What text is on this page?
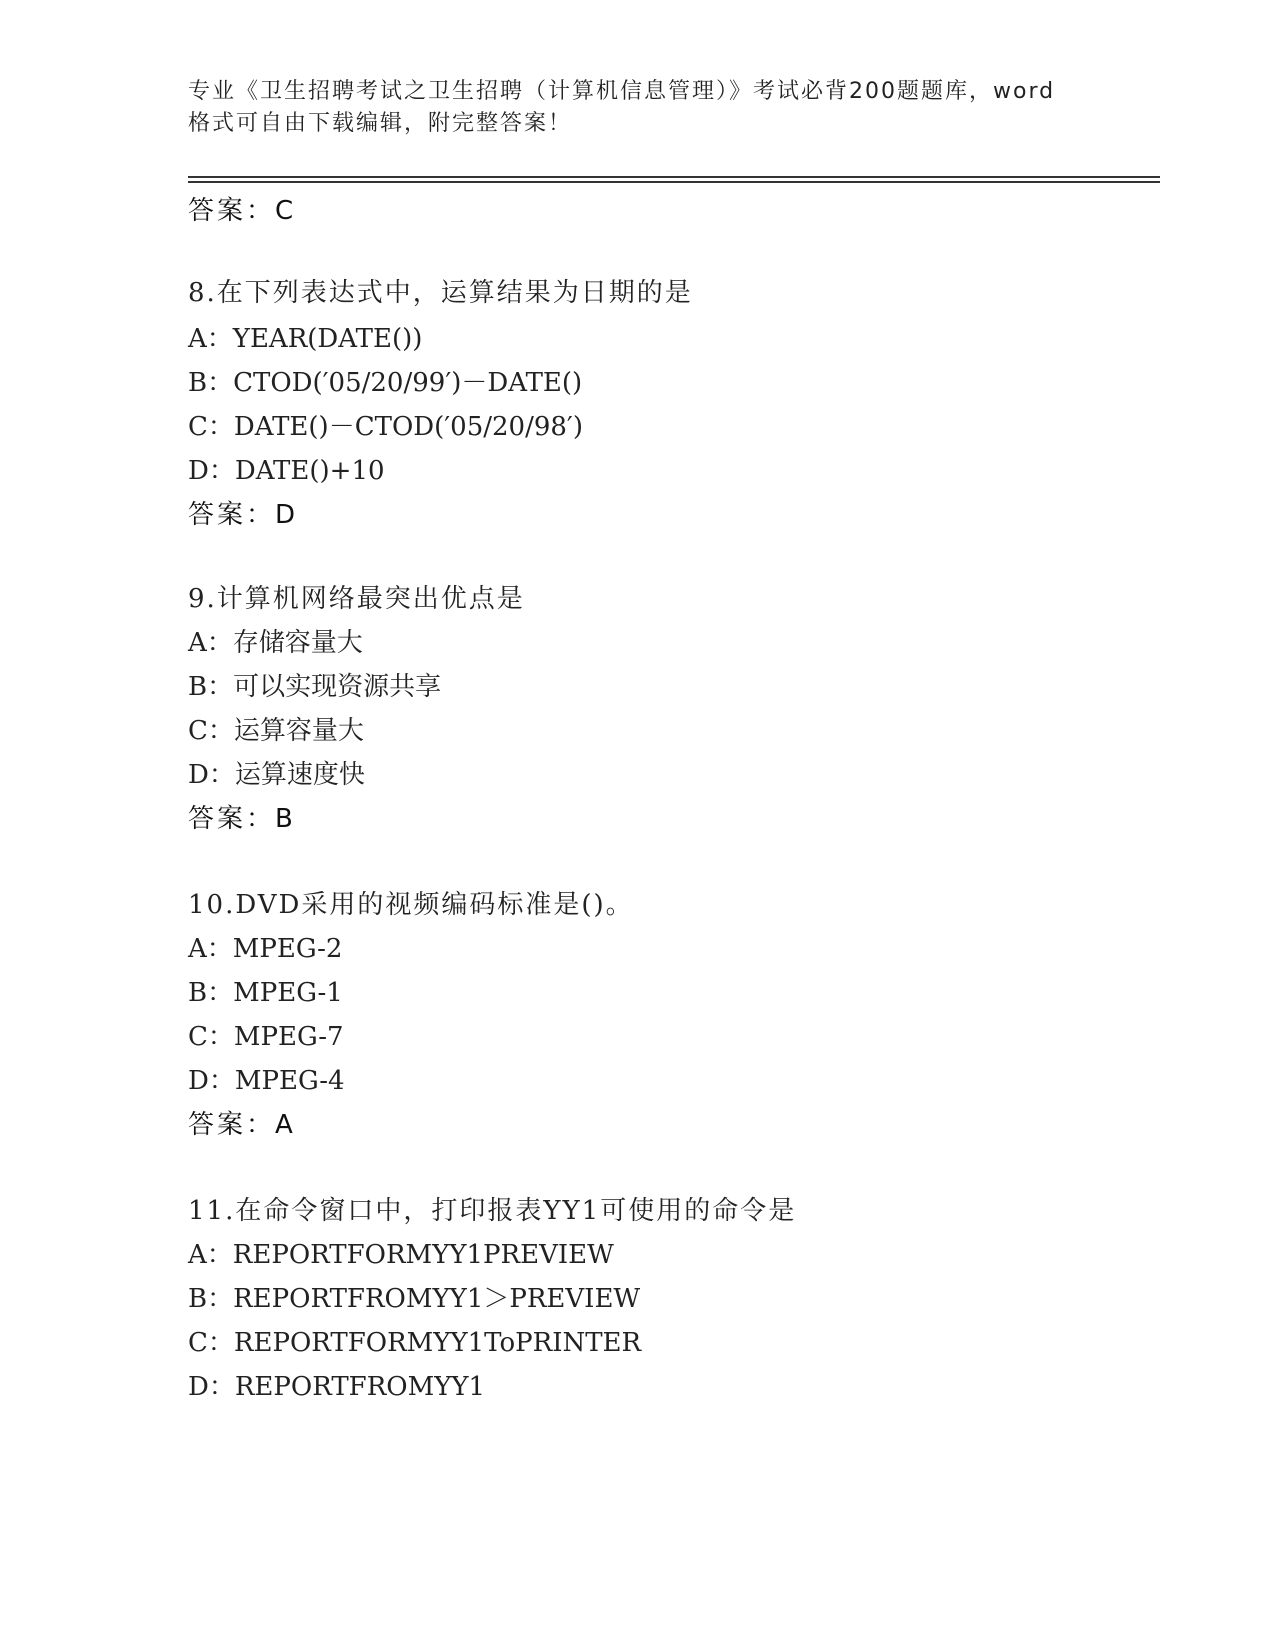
专业《卫生招聘考试之卫生招聘（计算机信息管理）》考试必背200题题库，word
格式可自由下载编辑，附完整答案！
答案：C
8.在下列表达式中，运算结果为日期的是
A：YEAR(DATE())
B：CTOD(′05/20/99′)－DATE()
C：DATE()－CTOD(′05/20/98′)
D：DATE()+10
答案：D
9.计算机网络最突出优点是
A：存储容量大
B：可以实现资源共享
C：运算容量大
D：运算速度快
答案：B
10.DVD采用的视频编码标准是()。
A：MPEG-2
B：MPEG-1
C：MPEG-7
D：MPEG-4
答案：A
11.在命令窗口中，打印报表YY1可使用的命令是
A：REPORTFORMYY1PREVIEW
B：REPORTFROMYY1＞PREVIEW
C：REPORTFORMYY1ToPRINTER
D：REPORTFROMYY1
